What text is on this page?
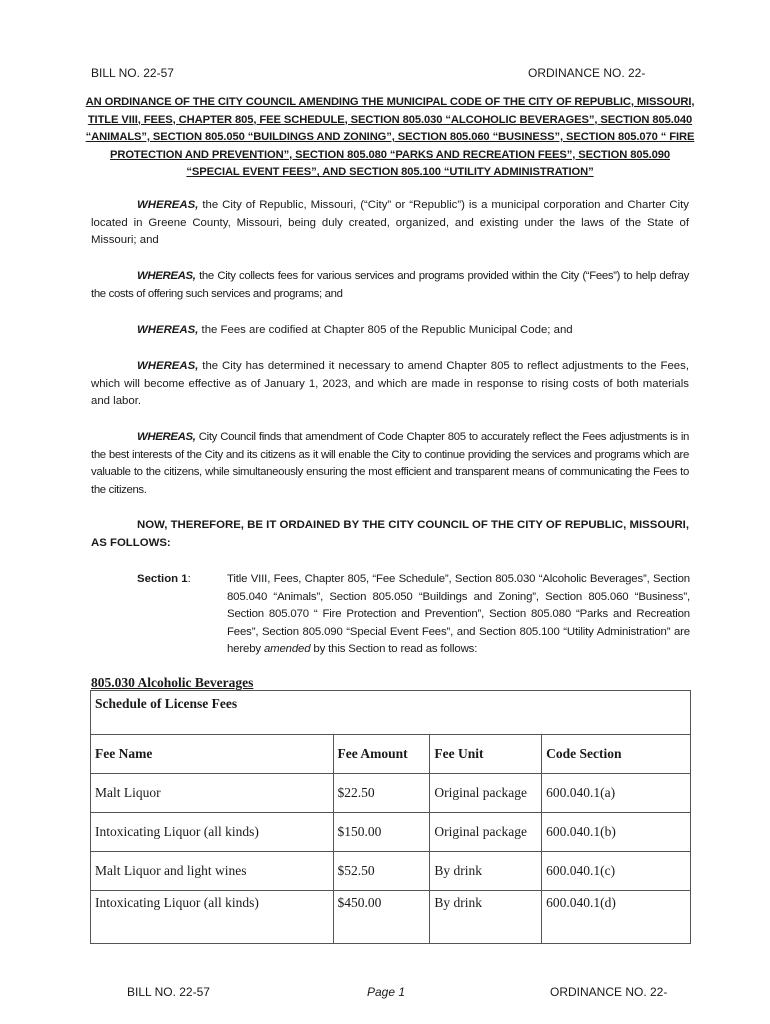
BILL NO. 22-57	ORDINANCE NO. 22-
AN ORDINANCE OF THE CITY COUNCIL AMENDING THE MUNICIPAL CODE OF THE CITY OF REPUBLIC, MISSOURI, TITLE VIII, FEES, CHAPTER 805, FEE SCHEDULE, SECTION 805.030 “ALCOHOLIC BEVERAGES”, SECTION 805.040 “ANIMALS”, SECTION 805.050 “BUILDINGS AND ZONING”, SECTION 805.060 “BUSINESS”, SECTION 805.070 “ FIRE PROTECTION AND PREVENTION”, SECTION 805.080 “PARKS AND RECREATION FEES”, SECTION 805.090 “SPECIAL EVENT FEES”, AND SECTION 805.100 “UTILITY ADMINISTRATION”
WHEREAS, the City of Republic, Missouri, (“City” or “Republic”) is a municipal corporation and Charter City located in Greene County, Missouri, being duly created, organized, and existing under the laws of the State of Missouri; and
WHEREAS, the City collects fees for various services and programs provided within the City (“Fees”) to help defray the costs of offering such services and programs; and
WHEREAS, the Fees are codified at Chapter 805 of the Republic Municipal Code; and
WHEREAS, the City has determined it necessary to amend Chapter 805 to reflect adjustments to the Fees, which will become effective as of January 1, 2023, and which are made in response to rising costs of both materials and labor.
WHEREAS, City Council finds that amendment of Code Chapter 805 to accurately reflect the Fees adjustments is in the best interests of the City and its citizens as it will enable the City to continue providing the services and programs which are valuable to the citizens, while simultaneously ensuring the most efficient and transparent means of communicating the Fees to the citizens.
NOW, THEREFORE, BE IT ORDAINED BY THE CITY COUNCIL OF THE CITY OF REPUBLIC, MISSOURI, AS FOLLOWS:
Section 1:	Title VIII, Fees, Chapter 805, “Fee Schedule”, Section 805.030 “Alcoholic Beverages”, Section 805.040 “Animals”, Section 805.050 “Buildings and Zoning”, Section 805.060 “Business”, Section 805.070 “ Fire Protection and Prevention”, Section 805.080 “Parks and Recreation Fees”, Section 805.090 “Special Event Fees”, and Section 805.100 “Utility Administration” are hereby amended by this Section to read as follows:
805.030 Alcoholic Beverages
Schedule of License Fees			
Fee Name	Fee Amount	Fee Unit	Code Section
Malt Liquor	$22.50	Original package	600.040.1(a)
Intoxicating Liquor (all kinds)	$150.00	Original package	600.040.1(b)
Malt Liquor and light wines	$52.50	By drink	600.040.1(c)
Intoxicating Liquor (all kinds)	$450.00	By drink	600.040.1(d)
BILL NO. 22-57	Page 1	ORDINANCE NO. 22-
